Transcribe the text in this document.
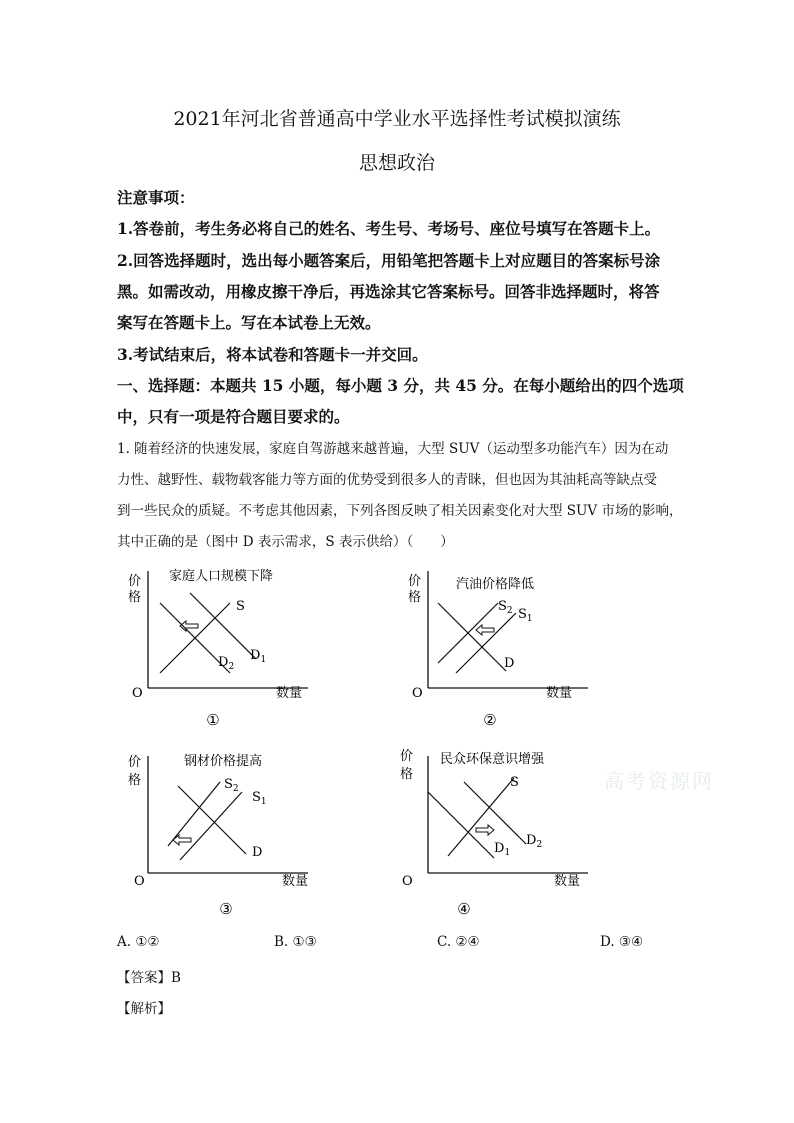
2021年河北省普通高中学业水平选择性考试模拟演练
思想政治
注意事项：
1.答卷前，考生务必将自己的姓名、考生号、考场号、座位号填写在答题卡上。
2.回答选择题时，选出每小题答案后，用铅笔把答题卡上对应题目的答案标号涂
黑。如需改动，用橡皮擦干净后，再选涂其它答案标号。回答非选择题时，将答
案写在答题卡上。写在本试卷上无效。
3.考试结束后，将本试卷和答题卡一并交回。
一、选择题：本题共 15 小题，每小题 3 分，共 45 分。在每小题给出的四个选项
中，只有一项是符合题目要求的。
1. 随着经济的快速发展，家庭自驾游越来越普遍，大型 SUV（运动型多功能汽车）因为在动
力性、越野性、载物载客能力等方面的优势受到很多人的青睐，但也因为其油耗高等缺点受
到一些民众的质疑。不考虑其他因素，下列各图反映了相关因素变化对大型 SUV 市场的影响，
其中正确的是（图中 D 表示需求，S 表示供给）（　　）
高考资源网
价
格
O	数量
家庭人口规模下降
S
$D_1$
$D_2$
①
价
格
O	数量
汽油价格降低
$S_2$ $S_1$
D
②
价
格
O	数量
钢材价格提高
$S_2$
$S_1$
D
③
价
格
O	数量
民众环保意识增强
S
$D_2$
$D_1$
④
A. ①②	B. ①③	C. ②④	D. ③④
【答案】B
【解析】
